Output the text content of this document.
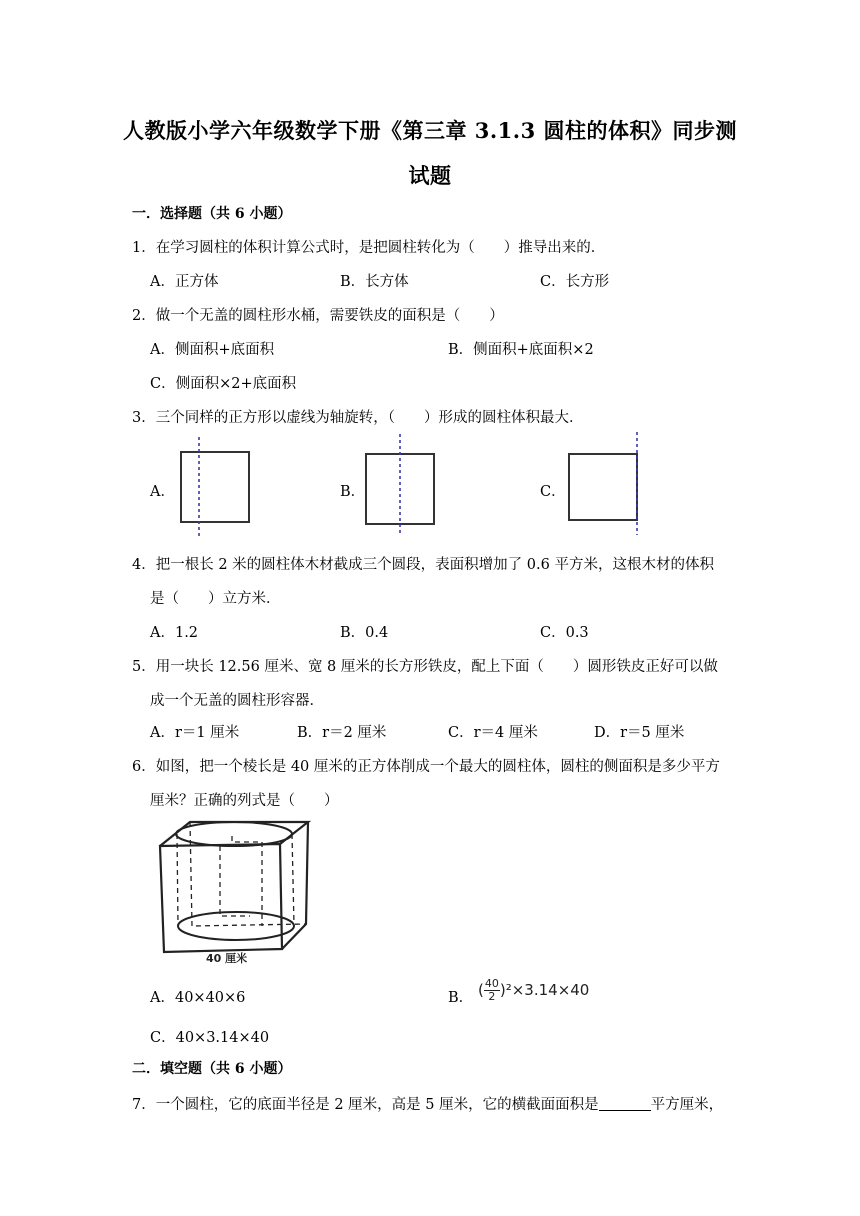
人教版小学六年级数学下册《第三章 3.1.3 圆柱的体积》同步测
试题
一．选择题（共 6 小题）
1．在学习圆柱的体积计算公式时，是把圆柱转化为（　　）推导出来的．
A．正方体	B．长方体	C．长方形
2．做一个无盖的圆柱形水桶，需要铁皮的面积是（　　）
A．侧面积+底面积	B．侧面积+底面积×2
C．侧面积×2+底面积
3．三个同样的正方形以虚线为轴旋转，（　　）形成的圆柱体积最大．
A．	B．	C．
4．把一根长 2 米的圆柱体木材截成三个圆段，表面积增加了 0.6 平方米，这根木材的体积
是（　　）立方米．
A．1.2	B．0.4	C．0.3
5．用一块长 12.56 厘米、宽 8 厘米的长方形铁皮，配上下面（　　）圆形铁皮正好可以做
成一个无盖的圆柱形容器．
A．r＝1 厘米	B．r＝2 厘米	C．r＝4 厘米	D．r＝5 厘米
6．如图，把一个棱长是 40 厘米的正方体削成一个最大的圆柱体，圆柱的侧面积是多少平方
厘米？正确的列式是（　　）
40 厘米
A．40×40×6	B． ( $\frac{40}{2} )^2\times 3.14\times 40$
C．40×3.14×40
二．填空题（共 6 小题）
7．一个圆柱，它的底面半径是 2 厘米，高是 5 厘米，它的横截面面积是	平方厘米，
